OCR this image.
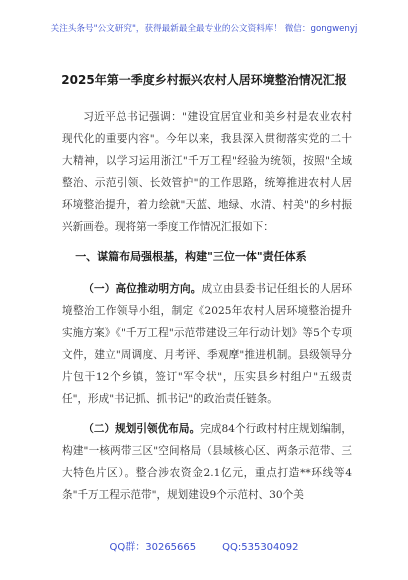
关注头条号"公文研究"，获得最新最全最专业的公文资料库！ 微信：gongwenyj
2025年第一季度乡村振兴农村人居环境整治情况汇报

习近平总书记强调："建设宜居宜业和美乡村是农业农村现代化的重要内容"。今年以来，我县深入贯彻落实党的二十大精神，以学习运用浙江"千万工程"经验为统领，按照"全域整治、示范引领、长效管护"的工作思路，统筹推进农村人居环境整治提升，着力绘就"天蓝、地绿、水清、村美"的乡村振兴新画卷。现将第一季度工作情况汇报如下：

一、谋篇布局强根基，构建"三位一体"责任体系

（一）高位推动明方向。成立由县委书记任组长的人居环境整治工作领导小组，制定《2025年农村人居环境整治提升实施方案》《"千万工程"示范带建设三年行动计划》等5个专项文件，建立"周调度、月考评、季观摩"推进机制。县级领导分片包干12个乡镇，签订"军令状"，压实县乡村组户"五级责任"，形成"书记抓、抓书记"的政治责任链条。

（二）规划引领优布局。完成84个行政村村庄规划编制，构建"一核两带三区"空间格局（县域核心区、两条示范带、三大特色片区）。整合涉农资金2.1亿元，重点打造**环线等4条"千万工程示范带"，规划建设9个示范村、30个美

QQ群：30265665	QQ:535304092
